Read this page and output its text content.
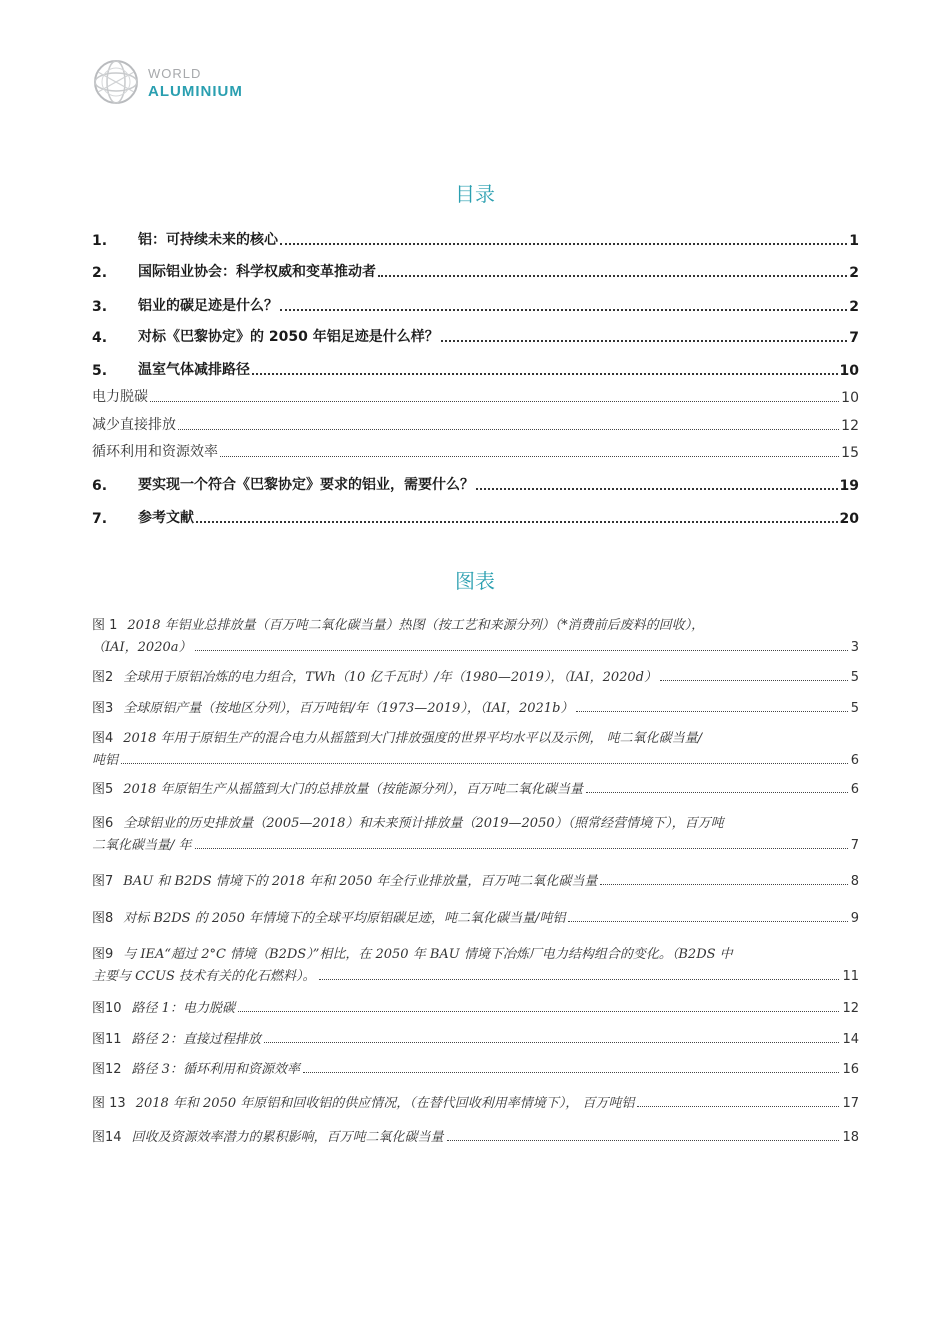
WORLD
ALUMINIUM
目录
1.	铝：可持续未来的核心	1
2.	国际铝业协会：科学权威和变革推动者	2
3.	铝业的碳足迹是什么？	2
4.	对标《巴黎协定》的 2050 年铝足迹是什么样？	7
5.	温室气体减排路径	10
电力脱碳	10
减少直接排放	12
循环利用和资源效率	15
6.	要实现一个符合《巴黎协定》要求的铝业，需要什么？	19
7.	参考文献	20
图表
图 1 2018 年铝业总排放量（百万吨二氧化碳当量）热图（按工艺和来源分列）（*消费前后废料的回收），
（IAI，2020a）	3
图2 全球用于原铝冶炼的电力组合，TWh（10 亿千瓦时）/年（1980—2019），（IAI，2020d）	5
图3 全球原铝产量（按地区分列），百万吨铝/年（1973—2019），（IAI，2021b）	5
图4 2018 年用于原铝生产的混合电力从摇篮到大门排放强度的世界平均水平以及示例， 吨二氧化碳当量/
吨铝	6
图5 2018 年原铝生产从摇篮到大门的总排放量（按能源分列），百万吨二氧化碳当量	6
图6 全球铝业的历史排放量（2005—2018）和未来预计排放量（2019—2050）（照常经营情境下），百万吨
二氧化碳当量/ 年	7
图7 BAU 和 B2DS 情境下的 2018 年和 2050 年全行业排放量，百万吨二氧化碳当量	8
图8 对标 B2DS 的 2050 年情境下的全球平均原铝碳足迹，吨二氧化碳当量/吨铝	9
图9 与 IEA“超过 2°C 情境（B2DS）”相比，在 2050 年 BAU 情境下冶炼厂电力结构组合的变化。（B2DS 中
主要与 CCUS 技术有关的化石燃料）。	11
图10 路径 1：电力脱碳	12
图11 路径 2：直接过程排放	14
图12 路径 3：循环利用和资源效率	16
图 13 2018 年和 2050 年原铝和回收铝的供应情况，（在替代回收利用率情境下）， 百万吨铝	17
图14 回收及资源效率潜力的累积影响，百万吨二氧化碳当量	18
